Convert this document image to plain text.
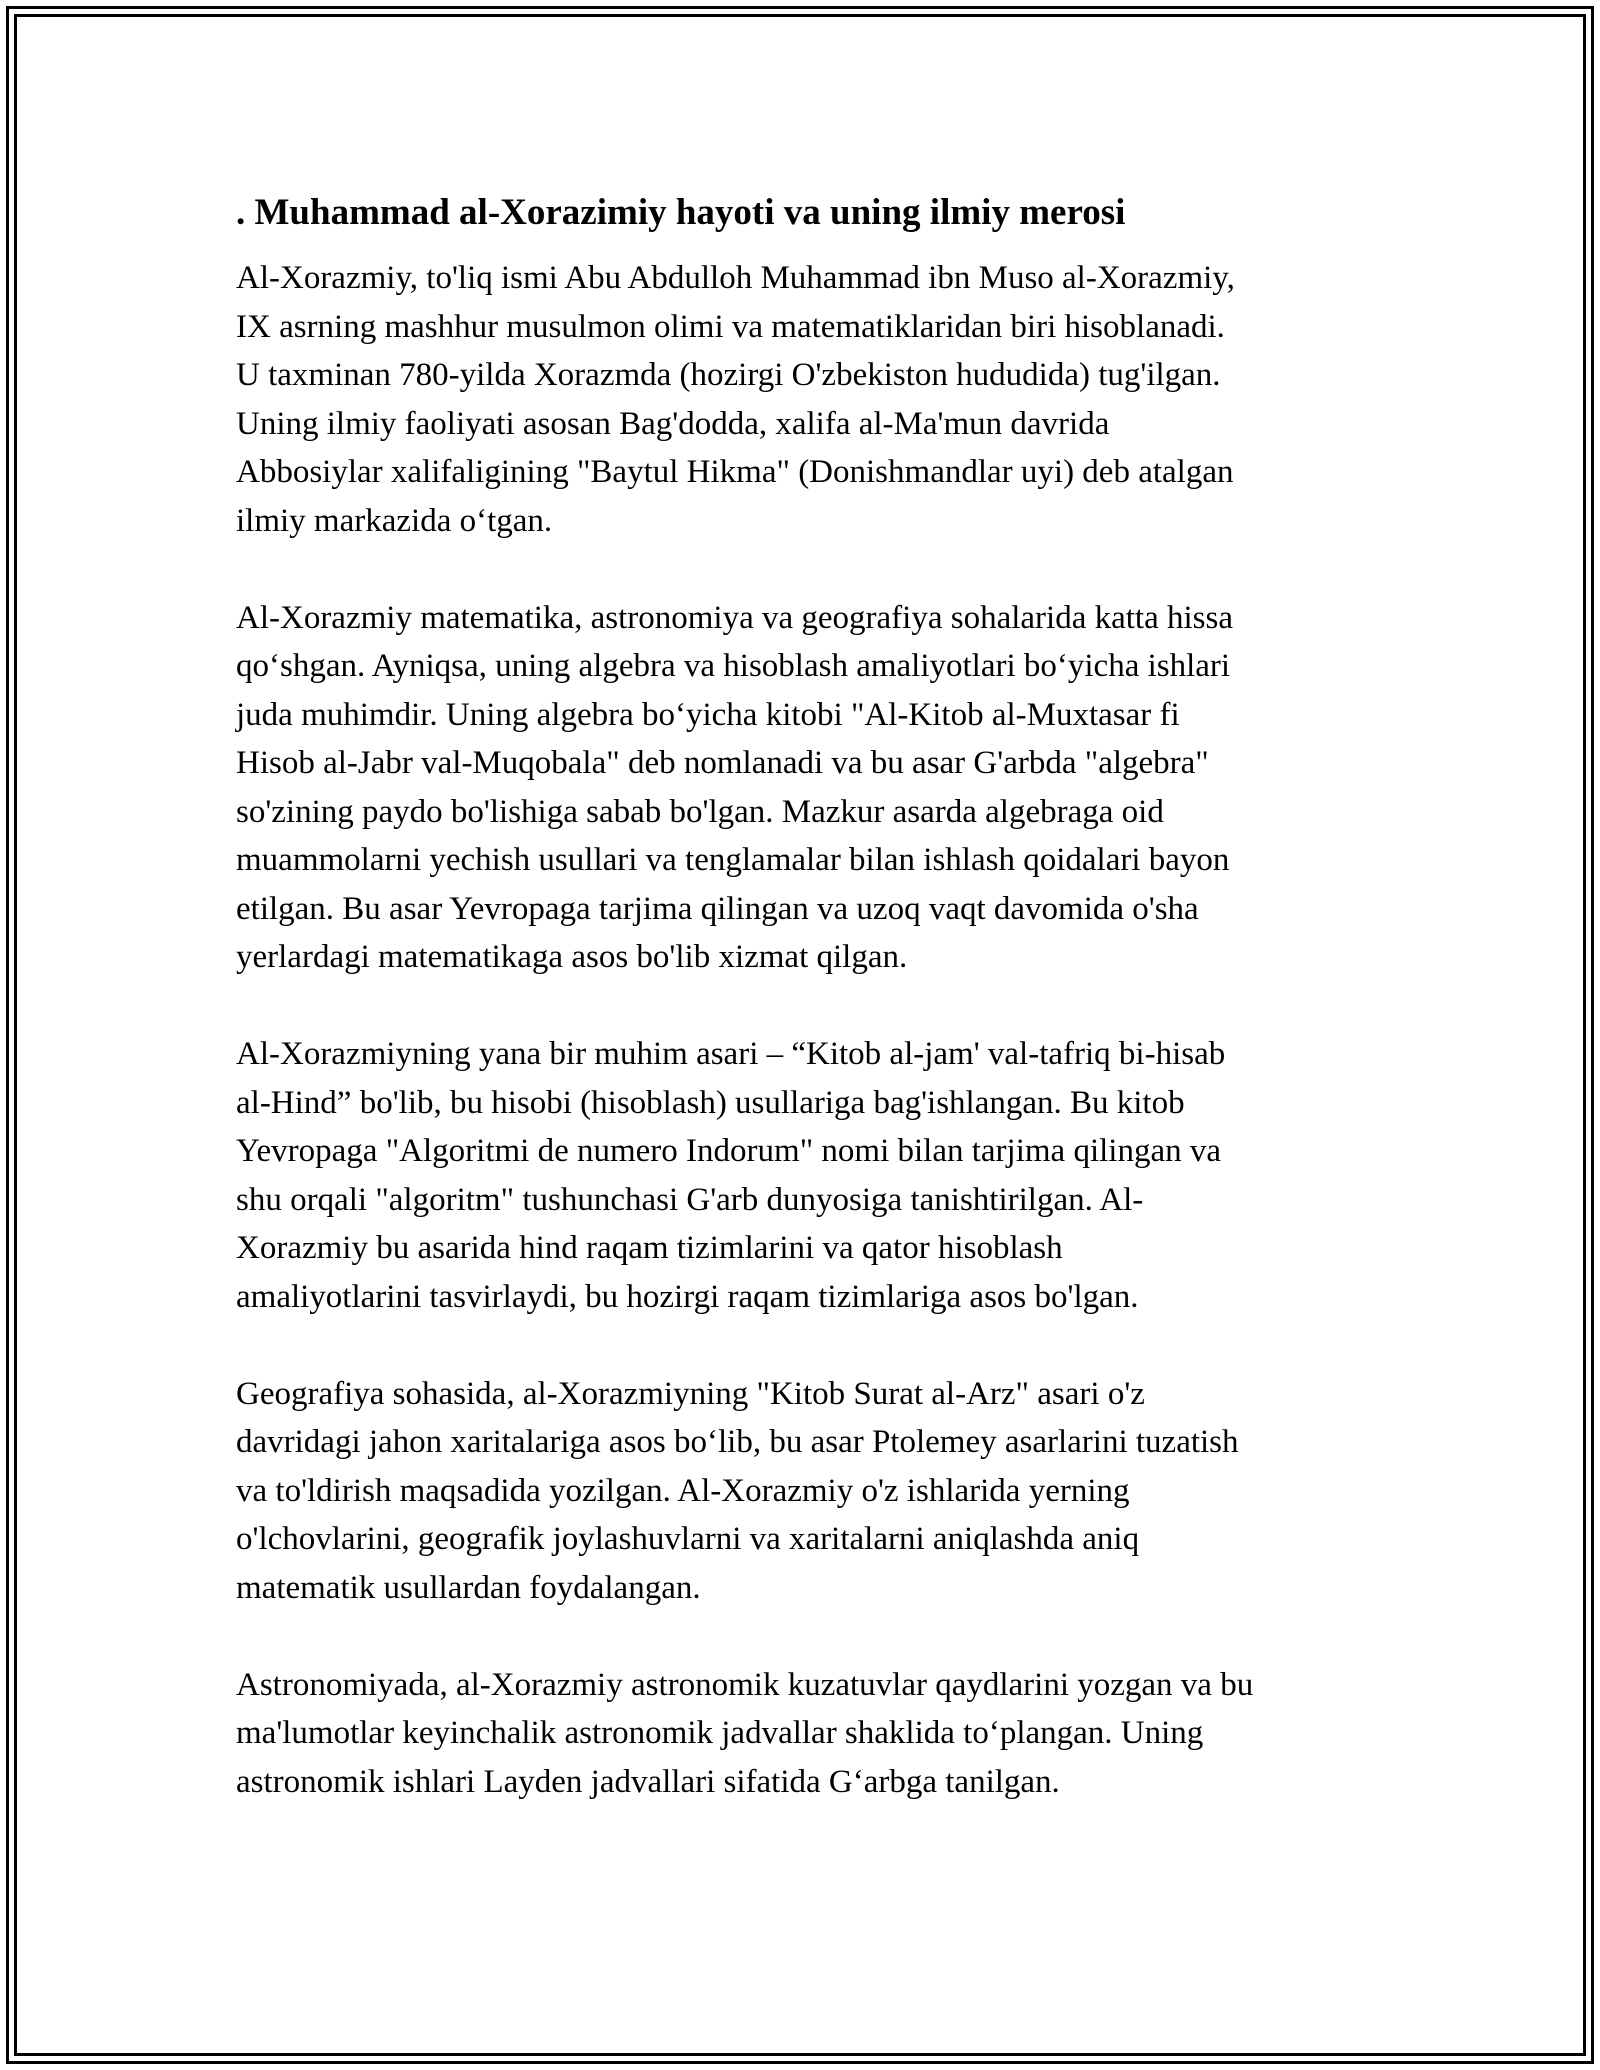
. Muhammad al-Xorazimiy hayoti va uning ilmiy merosi

Al-Xorazmiy, to'liq ismi Abu Abdulloh Muhammad ibn Muso al-Xorazmiy,
IX asrning mashhur musulmon olimi va matematiklaridan biri hisoblanadi.
U taxminan 780-yilda Xorazmda (hozirgi O'zbekiston hududida) tug'ilgan.
Uning ilmiy faoliyati asosan Bag'dodda, xalifa al-Ma'mun davrida
Abbosiylar xalifaligining "Baytul Hikma" (Donishmandlar uyi) deb atalgan
ilmiy markazida o‘tgan.

Al-Xorazmiy matematika, astronomiya va geografiya sohalarida katta hissa
qo‘shgan. Ayniqsa, uning algebra va hisoblash amaliyotlari bo‘yicha ishlari
juda muhimdir. Uning algebra bo‘yicha kitobi "Al-Kitob al-Muxtasar fi
Hisob al-Jabr val-Muqobala" deb nomlanadi va bu asar G'arbda "algebra"
so'zining paydo bo'lishiga sabab bo'lgan. Mazkur asarda algebraga oid
muammolarni yechish usullari va tenglamalar bilan ishlash qoidalari bayon
etilgan. Bu asar Yevropaga tarjima qilingan va uzoq vaqt davomida o'sha
yerlardagi matematikaga asos bo'lib xizmat qilgan.

Al-Xorazmiyning yana bir muhim asari – “Kitob al-jam' val-tafriq bi-hisab
al-Hind” bo'lib, bu hisobi (hisoblash) usullariga bag'ishlangan. Bu kitob
Yevropaga "Algoritmi de numero Indorum" nomi bilan tarjima qilingan va
shu orqali "algoritm" tushunchasi G'arb dunyosiga tanishtirilgan. Al-
Xorazmiy bu asarida hind raqam tizimlarini va qator hisoblash
amaliyotlarini tasvirlaydi, bu hozirgi raqam tizimlariga asos bo'lgan.

Geografiya sohasida, al-Xorazmiyning "Kitob Surat al-Arz" asari o'z
davridagi jahon xaritalariga asos bo‘lib, bu asar Ptolemey asarlarini tuzatish
va to'ldirish maqsadida yozilgan. Al-Xorazmiy o'z ishlarida yerning
o'lchovlarini, geografik joylashuvlarni va xaritalarni aniqlashda aniq
matematik usullardan foydalangan.

Astronomiyada, al-Xorazmiy astronomik kuzatuvlar qaydlarini yozgan va bu
ma'lumotlar keyinchalik astronomik jadvallar shaklida to‘plangan. Uning
astronomik ishlari Layden jadvallari sifatida G‘arbga tanilgan.
